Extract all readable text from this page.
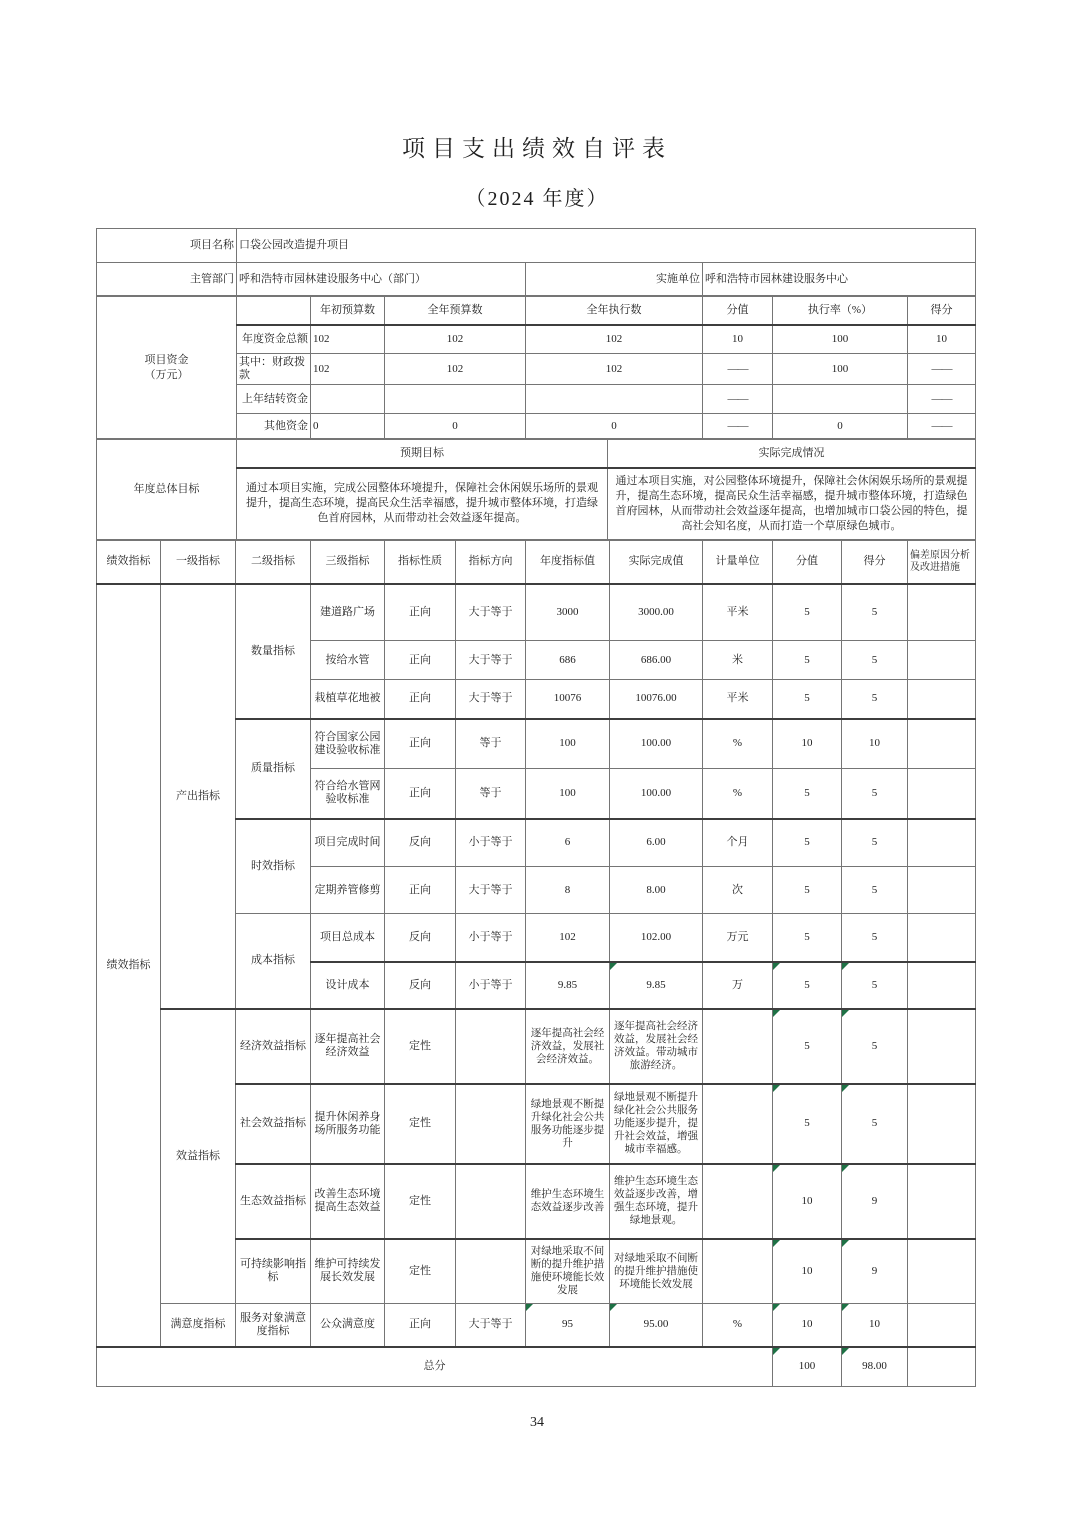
项目支出绩效自评表
（2024 年度）
项目名称	口袋公园改造提升项目		
主管部门	呼和浩特市园林建设服务中心（部门）	实施单位	呼和浩特市园林建设服务中心
项目资金
（万元）		年初预算数	全年预算数	全年执行数	分值	执行率（%）	得分
	年度资金总额	102	102	102	10	100	10

	其中：财政拨款	102	102	102	——	100	——
	上年结转资金				——		——
	其他资金	0	0	0	——	0	——
年度总体目标	预期目标	实际完成情况
	通过本项目实施，完成公园整体环境提升，保障社会休闲娱乐场所的景观提升，提高生态环境，提高民众生活幸福感，提升城市整体环境，打造绿色首府园林，从而带动社会效益逐年提高。	通过本项目实施，对公园整体环境提升，保障社会休闲娱乐场所的景观提升，提高生态环境，提高民众生活幸福感，提升城市整体环境，打造绿色首府园林，从而带动社会效益逐年提高，也增加城市口袋公园的特色，提高社会知名度，从而打造一个草原绿色城市。
绩效指标	一级指标	二级指标	三级指标	指标性质	指标方向	年度指标值	实际完成值	计量单位	分值	得分	偏差原因分析及改进措施
绩效指标	产出指标	数量指标	建道路广场	正向	大于等于	3000	3000.00	平米	5	5	
			按给水管	正向	大于等于	686	686.00	米	5	5	
			栽植草花地被	正向	大于等于	10076	10076.00	平米	5	5	
		质量指标	符合国家公园建设验收标准	正向	等于	100	100.00	%	10	10	
			符合给水管网验收标准	正向	等于	100	100.00	%	5	5	
		时效指标	项目完成时间	反向	小于等于	6	6.00	个月	5	5	
			定期养管修剪	正向	大于等于	8	8.00	次	5	5	
		成本指标	项目总成本	反向	小于等于	102	102.00	万元	5	5	
			设计成本	反向	小于等于	9.85	9.85	万	5	5	
	效益指标	经济效益指标	逐年提高社会经济效益	定性		逐年提高社会经济效益，发展社会经济效益。	逐年提高社会经济效益，发展社会经济效益。带动城市旅游经济。		5	5	
		社会效益指标	提升休闲养身场所服务功能	定性		绿地景观不断提升绿化社会公共服务功能逐步提升	绿地景观不断提升绿化社会公共服务功能逐步提升，提升社会效益，增强城市幸福感。		5	5	
		生态效益指标	改善生态环境提高生态效益	定性		维护生态环境生态效益逐步改善	维护生态环境生态效益逐步改善，增强生态环境，提升绿地景观。		10	9	
		可持续影响指标	维护可持续发展长效发展	定性		对绿地采取不间断的提升维护措施使环境能长效发展	对绿地采取不间断的提升维护措施使环境能长效发展		10	9	
	满意度指标	服务对象满意度指标	公众满意度	正向	大于等于	95	95.00	%	10	10	
总分									100	98.00	
34
